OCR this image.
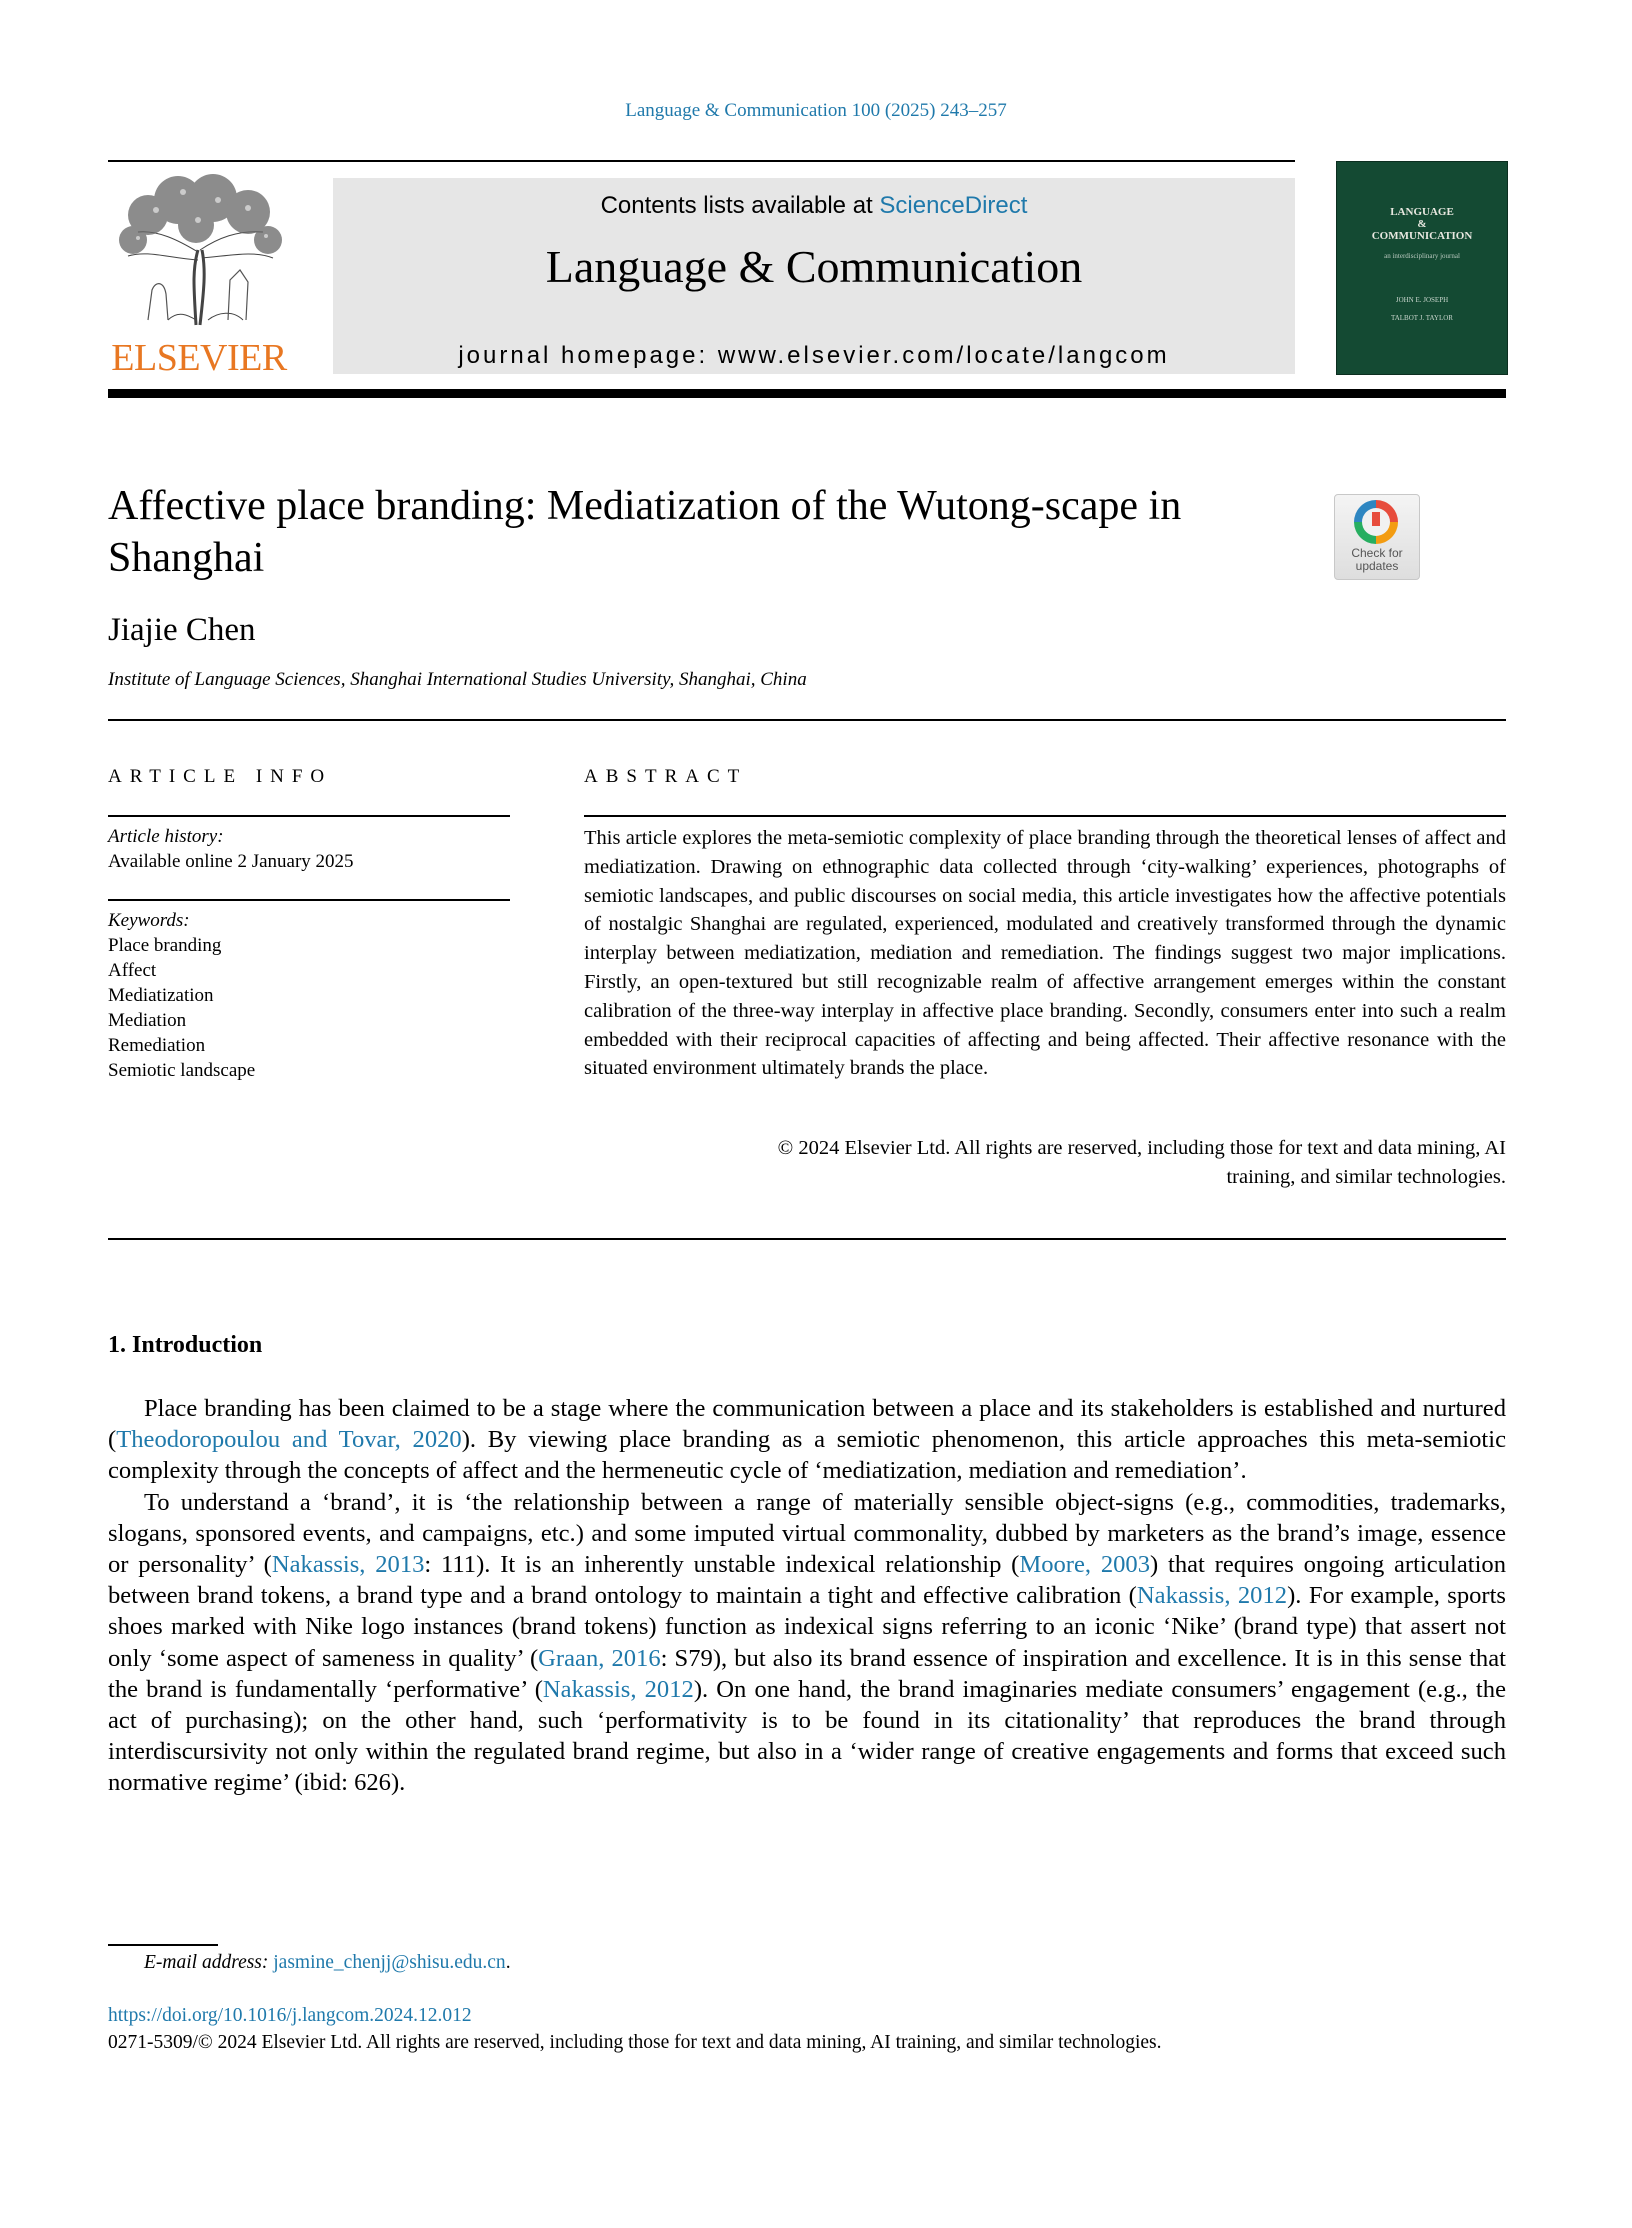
Language & Communication 100 (2025) 243–257
ELSEVIER
Contents lists available at ScienceDirect
Language & Communication
journal homepage: www.elsevier.com/locate/langcom
LANGUAGE
&
COMMUNICATION
an interdisciplinary journal
JOHN E. JOSEPH
TALBOT J. TAYLOR
Affective place branding: Mediatization of the Wutong-scape in Shanghai	Check for
updates
Jiajie Chen
Institute of Language Sciences, Shanghai International Studies University, Shanghai, China
ARTICLE INFO
Article history:
Available online 2 January 2025
Keywords:
Place branding
Affect
Mediatization
Mediation
Remediation
Semiotic landscape
ABSTRACT
This article explores the meta-semiotic complexity of place branding through the theoretical lenses of affect and mediatization. Drawing on ethnographic data collected through ‘city-walking’ experiences, photographs of semiotic landscapes, and public discourses on social media, this article investigates how the affective potentials of nostalgic Shanghai are regulated, experienced, modulated and creatively transformed through the dynamic interplay between mediatization, mediation and remediation. The findings suggest two major implications. Firstly, an open-textured but still recognizable realm of affective arrangement emerges within the constant calibration of the three-way interplay in affective place branding. Secondly, consumers enter into such a realm embedded with their reciprocal capacities of affecting and being affected. Their affective resonance with the situated environment ultimately brands the place.
© 2024 Elsevier Ltd. All rights are reserved, including those for text and data mining, AI
training, and similar technologies.
1. Introduction

Place branding has been claimed to be a stage where the communication between a place and its stakeholders is established and nurtured (Theodoropoulou and Tovar, 2020). By viewing place branding as a semiotic phenomenon, this article approaches this meta-semiotic complexity through the concepts of affect and the hermeneutic cycle of ‘mediatization, mediation and remediation’.

To understand a ‘brand’, it is ‘the relationship between a range of materially sensible object-signs (e.g., commodities, trademarks, slogans, sponsored events, and campaigns, etc.) and some imputed virtual commonality, dubbed by marketers as the brand’s image, essence or personality’ (Nakassis, 2013: 111). It is an inherently unstable indexical relationship (Moore, 2003) that requires ongoing articulation between brand tokens, a brand type and a brand ontology to maintain a tight and effective calibration (Nakassis, 2012). For example, sports shoes marked with Nike logo instances (brand tokens) function as indexical signs referring to an iconic ‘Nike’ (brand type) that assert not only ‘some aspect of sameness in quality’ (Graan, 2016: S79), but also its brand essence of inspiration and excellence. It is in this sense that the brand is fundamentally ‘performative’ (Nakassis, 2012). On one hand, the brand imaginaries mediate consumers’ engagement (e.g., the act of purchasing); on the other hand, such ‘performativity is to be found in its citationality’ that reproduces the brand through interdiscursivity not only within the regulated brand regime, but also in a ‘wider range of creative engagements and forms that exceed such normative regime’ (ibid: 626).

E-mail address: jasmine_chenjj@shisu.edu.cn.
https://doi.org/10.1016/j.langcom.2024.12.012
0271-5309/© 2024 Elsevier Ltd. All rights are reserved, including those for text and data mining, AI training, and similar technologies.
